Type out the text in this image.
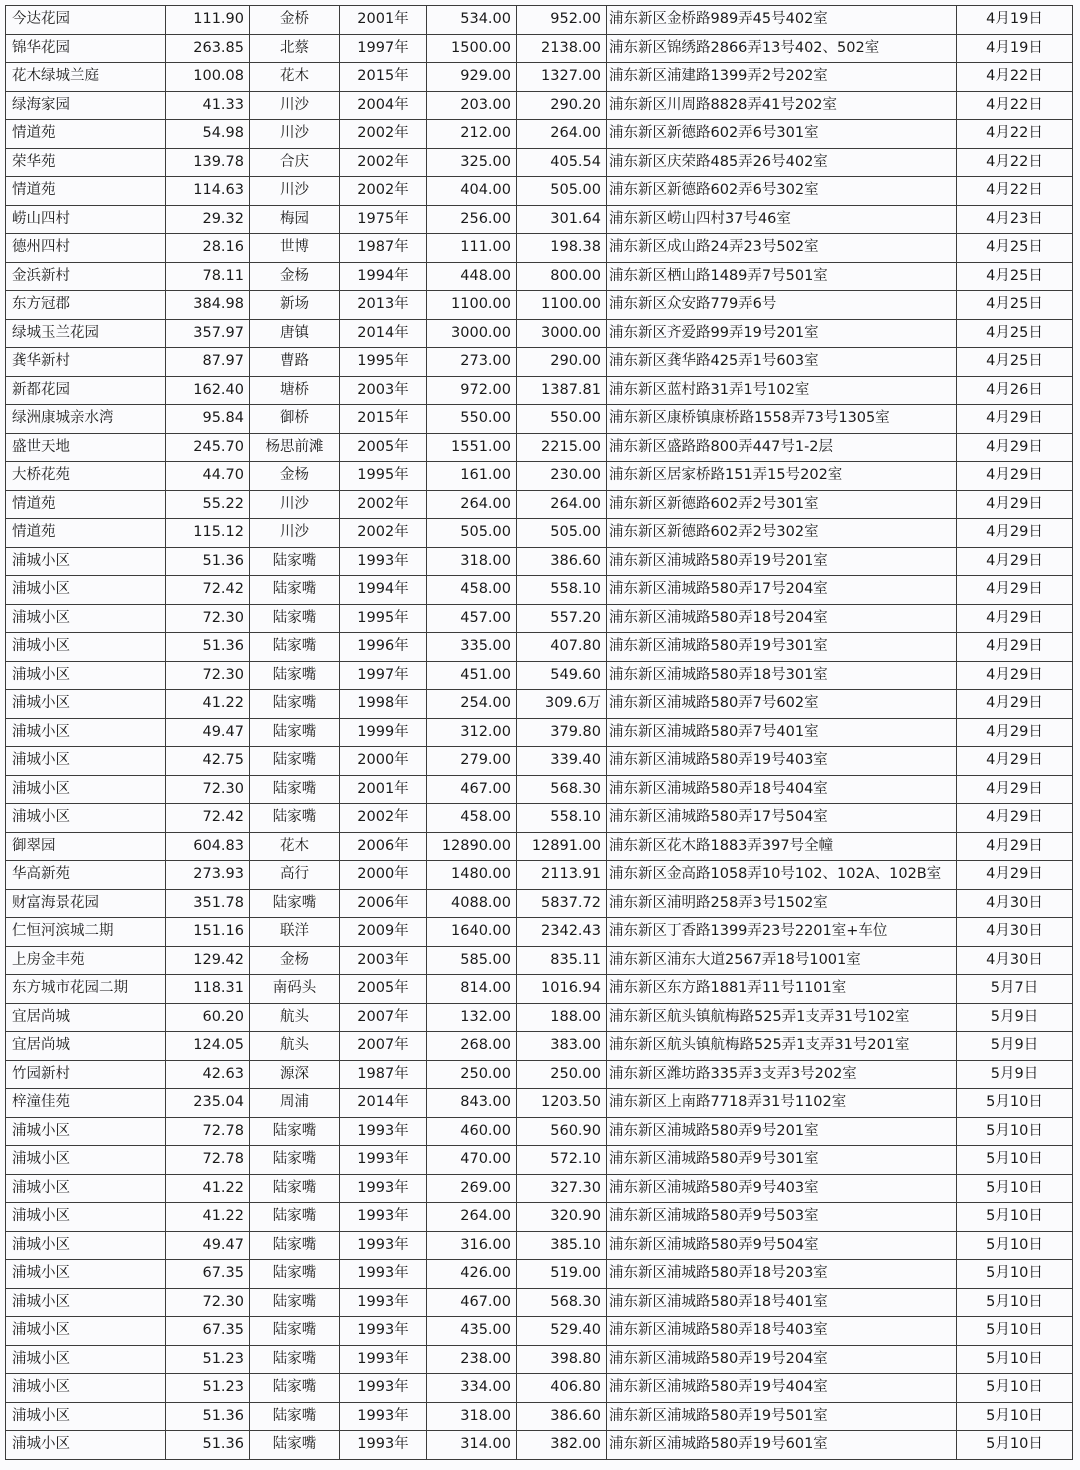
今达花园	111.90	金桥	2001年	534.00	952.00	浦东新区金桥路989弄45号402室	4月19日
锦华花园	263.85	北蔡	1997年	1500.00	2138.00	浦东新区锦绣路2866弄13号402、502室	4月19日
花木绿城兰庭	100.08	花木	2015年	929.00	1327.00	浦东新区浦建路1399弄2号202室	4月22日
绿海家园	41.33	川沙	2004年	203.00	290.20	浦东新区川周路8828弄41号202室	4月22日
情道苑	54.98	川沙	2002年	212.00	264.00	浦东新区新德路602弄6号301室	4月22日
荣华苑	139.78	合庆	2002年	325.00	405.54	浦东新区庆荣路485弄26号402室	4月22日
情道苑	114.63	川沙	2002年	404.00	505.00	浦东新区新德路602弄6号302室	4月22日
崂山四村	29.32	梅园	1975年	256.00	301.64	浦东新区崂山四村37号46室	4月23日
德州四村	28.16	世博	1987年	111.00	198.38	浦东新区成山路24弄23号502室	4月25日
金浜新村	78.11	金杨	1994年	448.00	800.00	浦东新区栖山路1489弄7号501室	4月25日
东方冠郡	384.98	新场	2013年	1100.00	1100.00	浦东新区众安路779弄6号	4月25日
绿城玉兰花园	357.97	唐镇	2014年	3000.00	3000.00	浦东新区齐爱路99弄19号201室	4月25日
龚华新村	87.97	曹路	1995年	273.00	290.00	浦东新区龚华路425弄1号603室	4月25日
新都花园	162.40	塘桥	2003年	972.00	1387.81	浦东新区蓝村路31弄1号102室	4月26日
绿洲康城亲水湾	95.84	御桥	2015年	550.00	550.00	浦东新区康桥镇康桥路1558弄73号1305室	4月29日
盛世天地	245.70	杨思前滩	2005年	1551.00	2215.00	浦东新区盛路路800弄447号1-2层	4月29日
大桥花苑	44.70	金杨	1995年	161.00	230.00	浦东新区居家桥路151弄15号202室	4月29日
情道苑	55.22	川沙	2002年	264.00	264.00	浦东新区新德路602弄2号301室	4月29日
情道苑	115.12	川沙	2002年	505.00	505.00	浦东新区新德路602弄2号302室	4月29日
浦城小区	51.36	陆家嘴	1993年	318.00	386.60	浦东新区浦城路580弄19号201室	4月29日
浦城小区	72.42	陆家嘴	1994年	458.00	558.10	浦东新区浦城路580弄17号204室	4月29日
浦城小区	72.30	陆家嘴	1995年	457.00	557.20	浦东新区浦城路580弄18号204室	4月29日
浦城小区	51.36	陆家嘴	1996年	335.00	407.80	浦东新区浦城路580弄19号301室	4月29日
浦城小区	72.30	陆家嘴	1997年	451.00	549.60	浦东新区浦城路580弄18号301室	4月29日
浦城小区	41.22	陆家嘴	1998年	254.00	309.6万	浦东新区浦城路580弄7号602室	4月29日
浦城小区	49.47	陆家嘴	1999年	312.00	379.80	浦东新区浦城路580弄7号401室	4月29日
浦城小区	42.75	陆家嘴	2000年	279.00	339.40	浦东新区浦城路580弄19号403室	4月29日
浦城小区	72.30	陆家嘴	2001年	467.00	568.30	浦东新区浦城路580弄18号404室	4月29日
浦城小区	72.42	陆家嘴	2002年	458.00	558.10	浦东新区浦城路580弄17号504室	4月29日
御翠园	604.83	花木	2006年	12890.00	12891.00	浦东新区花木路1883弄397号全幢	4月29日
华高新苑	273.93	高行	2000年	1480.00	2113.91	浦东新区金高路1058弄10号102、102A、102B室	4月29日
财富海景花园	351.78	陆家嘴	2006年	4088.00	5837.72	浦东新区浦明路258弄3号1502室	4月30日
仁恒河滨城二期	151.16	联洋	2009年	1640.00	2342.43	浦东新区丁香路1399弄23号2201室+车位	4月30日
上房金丰苑	129.42	金杨	2003年	585.00	835.11	浦东新区浦东大道2567弄18号1001室	4月30日
东方城市花园二期	118.31	南码头	2005年	814.00	1016.94	浦东新区东方路1881弄11号1101室	5月7日
宜居尚城	60.20	航头	2007年	132.00	188.00	浦东新区航头镇航梅路525弄1支弄31号102室	5月9日
宜居尚城	124.05	航头	2007年	268.00	383.00	浦东新区航头镇航梅路525弄1支弄31号201室	5月9日
竹园新村	42.63	源深	1987年	250.00	250.00	浦东新区潍坊路335弄3支弄3号202室	5月9日
梓潼佳苑	235.04	周浦	2014年	843.00	1203.50	浦东新区上南路7718弄31号1102室	5月10日
浦城小区	72.78	陆家嘴	1993年	460.00	560.90	浦东新区浦城路580弄9号201室	5月10日
浦城小区	72.78	陆家嘴	1993年	470.00	572.10	浦东新区浦城路580弄9号301室	5月10日
浦城小区	41.22	陆家嘴	1993年	269.00	327.30	浦东新区浦城路580弄9号403室	5月10日
浦城小区	41.22	陆家嘴	1993年	264.00	320.90	浦东新区浦城路580弄9号503室	5月10日
浦城小区	49.47	陆家嘴	1993年	316.00	385.10	浦东新区浦城路580弄9号504室	5月10日
浦城小区	67.35	陆家嘴	1993年	426.00	519.00	浦东新区浦城路580弄18号203室	5月10日
浦城小区	72.30	陆家嘴	1993年	467.00	568.30	浦东新区浦城路580弄18号401室	5月10日
浦城小区	67.35	陆家嘴	1993年	435.00	529.40	浦东新区浦城路580弄18号403室	5月10日
浦城小区	51.23	陆家嘴	1993年	238.00	398.80	浦东新区浦城路580弄19号204室	5月10日
浦城小区	51.23	陆家嘴	1993年	334.00	406.80	浦东新区浦城路580弄19号404室	5月10日
浦城小区	51.36	陆家嘴	1993年	318.00	386.60	浦东新区浦城路580弄19号501室	5月10日
浦城小区	51.36	陆家嘴	1993年	314.00	382.00	浦东新区浦城路580弄19号601室	5月10日
